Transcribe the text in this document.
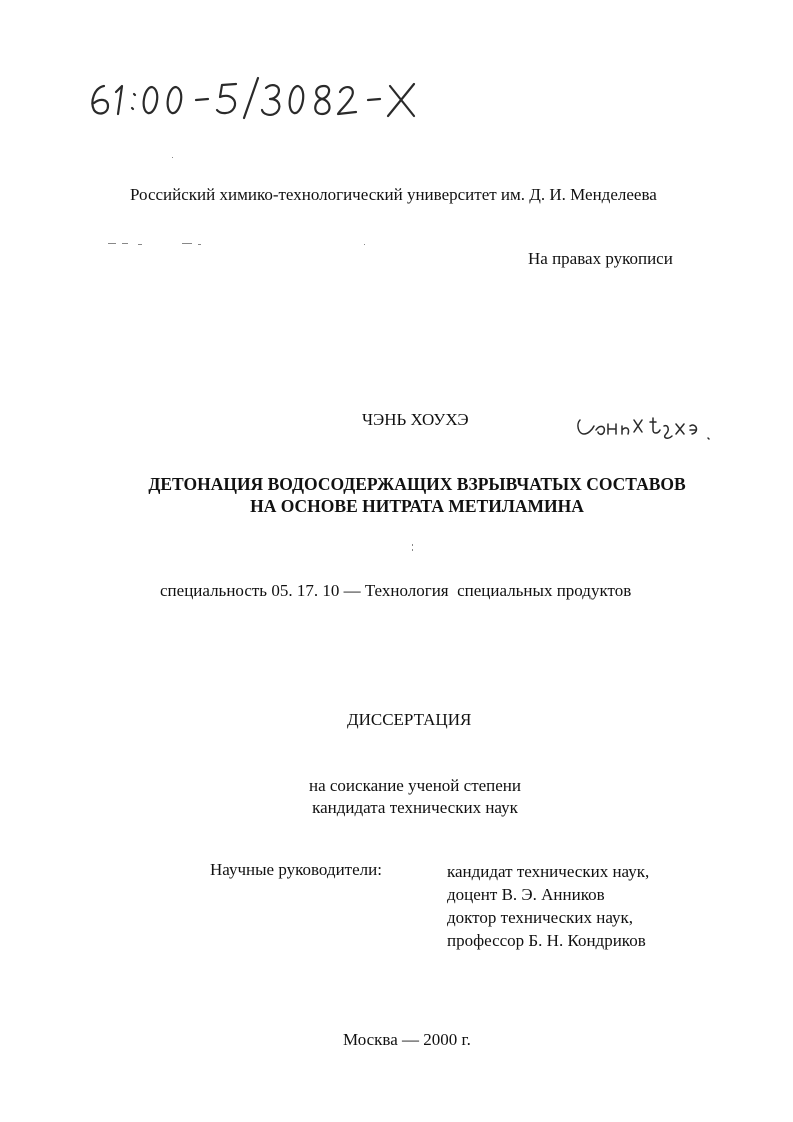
Российский химико-технологический университет им. Д. И. Менделеева
На правах рукописи
ЧЭНЬ ХОУХЭ
ДЕТОНАЦИЯ ВОДОСОДЕРЖАЩИХ ВЗРЫВЧАТЫХ СОСТАВОВ
НА ОСНОВЕ НИТРАТА МЕТИЛАМИНА
специальность 05. 17. 10 — Технология  специальных продуктов
ДИССЕРТАЦИЯ
на соискание ученой степени
кандидата технических наук
Научные руководители:	кандидат технических наук,
доцент В. Э. Анников
доктор технических наук,
профессор Б. Н. Кондриков
Москва — 2000 г.
